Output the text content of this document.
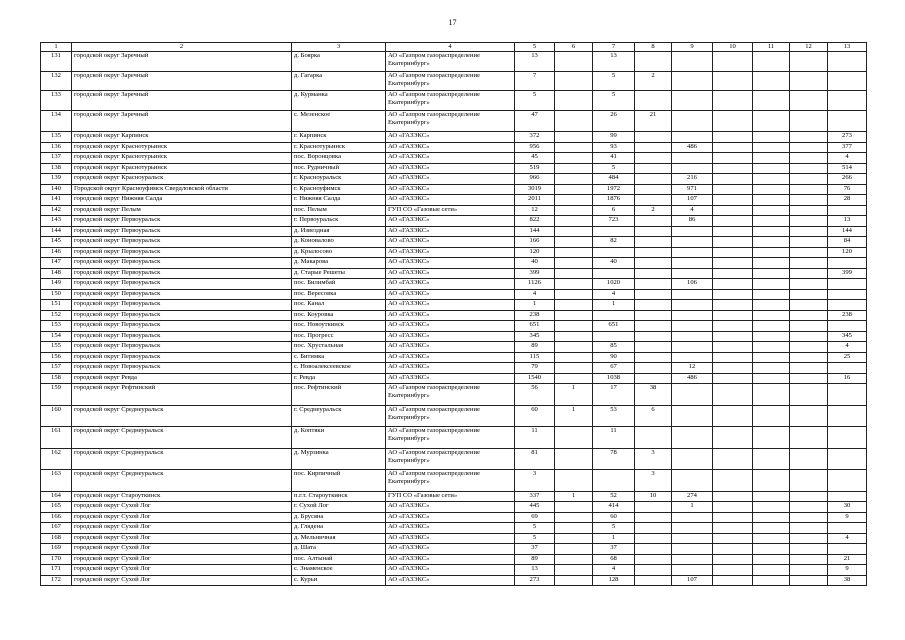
17
1	2	3	4	5	6	7	8	9	10	11	12	13
131	городской округ Заречный	д. Боярка	АО «Газпром газораспределение Екатеринбург»	13		13						
132	городской округ Заречный	д. Гагарка	АО «Газпром газораспределение Екатеринбург»	7		5	2					
133	городской округ Заречный	д. Курманка	АО «Газпром газораспределение Екатеринбург»	5		5						
134	городской округ Заречный	с. Мезенское	АО «Газпром газораспределение Екатеринбург»	47		26	21					
135	городской округ Карпинск	г. Карпинск	АО «ГАЗЭКС»	372		99						273
136	городской округ Краснотурьинск	г. Краснотурьинск	АО «ГАЗЭКС»	956		93		486				377
137	городской округ Краснотурьинск	пос. Воронцовка	АО «ГАЗЭКС»	45		41						4
138	городской округ Краснотурьинск	пос. Рудничный	АО «ГАЗЭКС»	519		5						514
139	городской округ Красноуральск	г. Красноуральск	АО «ГАЗЭКС»	966		484		216				266
140	Городской округ Красноуфимск Свердловской области	г. Красноуфимск	АО «ГАЗЭКС»	3019		1972		971				76
141	городской округ Нижняя Салда	г. Нижняя Салда	АО «ГАЗЭКС»	2011		1876		107				28
142	городской округ Пелым	пос. Пелым	ГУП СО «Газовые сети»	12		6	2	4				
143	городской округ Первоуральск	г. Первоуральск	АО «ГАЗЭКС»	822		723		86				13
144	городской округ Первоуральск	д. Извездная	АО «ГАЗЭКС»	144								144
145	городской округ Первоуральск	д. Коновалово	АО «ГАЗЭКС»	166		82						84
146	городской округ Первоуральск	д. Крылосово	АО «ГАЗЭКС»	120								120
147	городской округ Первоуральск	д. Макарова	АО «ГАЗЭКС»	40		40						
148	городской округ Первоуральск	д. Старые Решеты	АО «ГАЗЭКС»	399								399
149	городской округ Первоуральск	пос. Билимбай	АО «ГАЗЭКС»	1126		1020		106				
150	городской округ Первоуральск	пос. Вересовка	АО «ГАЗЭКС»	4		4						
151	городской округ Первоуральск	пос. Канал	АО «ГАЗЭКС»	1		1						
152	городской округ Первоуральск	пос. Коуровка	АО «ГАЗЭКС»	238								238
153	городской округ Первоуральск	пос. Новоуткинск	АО «ГАЗЭКС»	651		651						
154	городской округ Первоуральск	пос. Прогресс	АО «ГАЗЭКС»	345								345
155	городской округ Первоуральск	пос. Хрустальная	АО «ГАЗЭКС»	89		85						4
156	городской округ Первоуральск	с. Битимка	АО «ГАЗЭКС»	115		90						25
157	городской округ Первоуральск	с. Новоалексеевское	АО «ГАЗЭКС»	79		67		12				
158	городской округ Ревда	г. Ревда	АО «ГАЗЭКС»	1540		1038		486				16
159	городской округ Рефтинский	пос. Рефтинский	АО «Газпром газораспределение Екатеринбург»	56	1	17	38					
160	городской округ Среднеуральск	г. Среднеуральск	АО «Газпром газораспределение Екатеринбург»	60	1	53	6					
161	городской округ Среднеуральск	д. Коптяки	АО «Газпром газораспределение Екатеринбург»	11		11						
162	городской округ Среднеуральск	д. Мурзинка	АО «Газпром газораспределение Екатеринбург»	81		78	3					
163	городской округ Среднеуральск	пос. Кирпичный	АО «Газпром газораспределение Екатеринбург»	3			3					
164	городской округ Староуткинск	п.г.т. Староуткинск	ГУП СО «Газовые сети»	337	1	52	10	274				
165	городской округ Сухой Лог	г. Сухой Лог	АО «ГАЗЭКС»	445		414		1				30
166	городской округ Сухой Лог	д. Брусяна	АО «ГАЗЭКС»	69		60						9
167	городской округ Сухой Лог	д. Глядена	АО «ГАЗЭКС»	5		5						
168	городской округ Сухой Лог	д. Мельничная	АО «ГАЗЭКС»	5		1						4
169	городской округ Сухой Лог	д. Шата	АО «ГАЗЭКС»	37		37						
170	городской округ Сухой Лог	пос. Алтынай	АО «ГАЗЭКС»	89		68						21
171	городской округ Сухой Лог	с. Знаменское	АО «ГАЗЭКС»	13		4						9
172	городской округ Сухой Лог	с. Курьи	АО «ГАЗЭКС»	273		128		107				38
